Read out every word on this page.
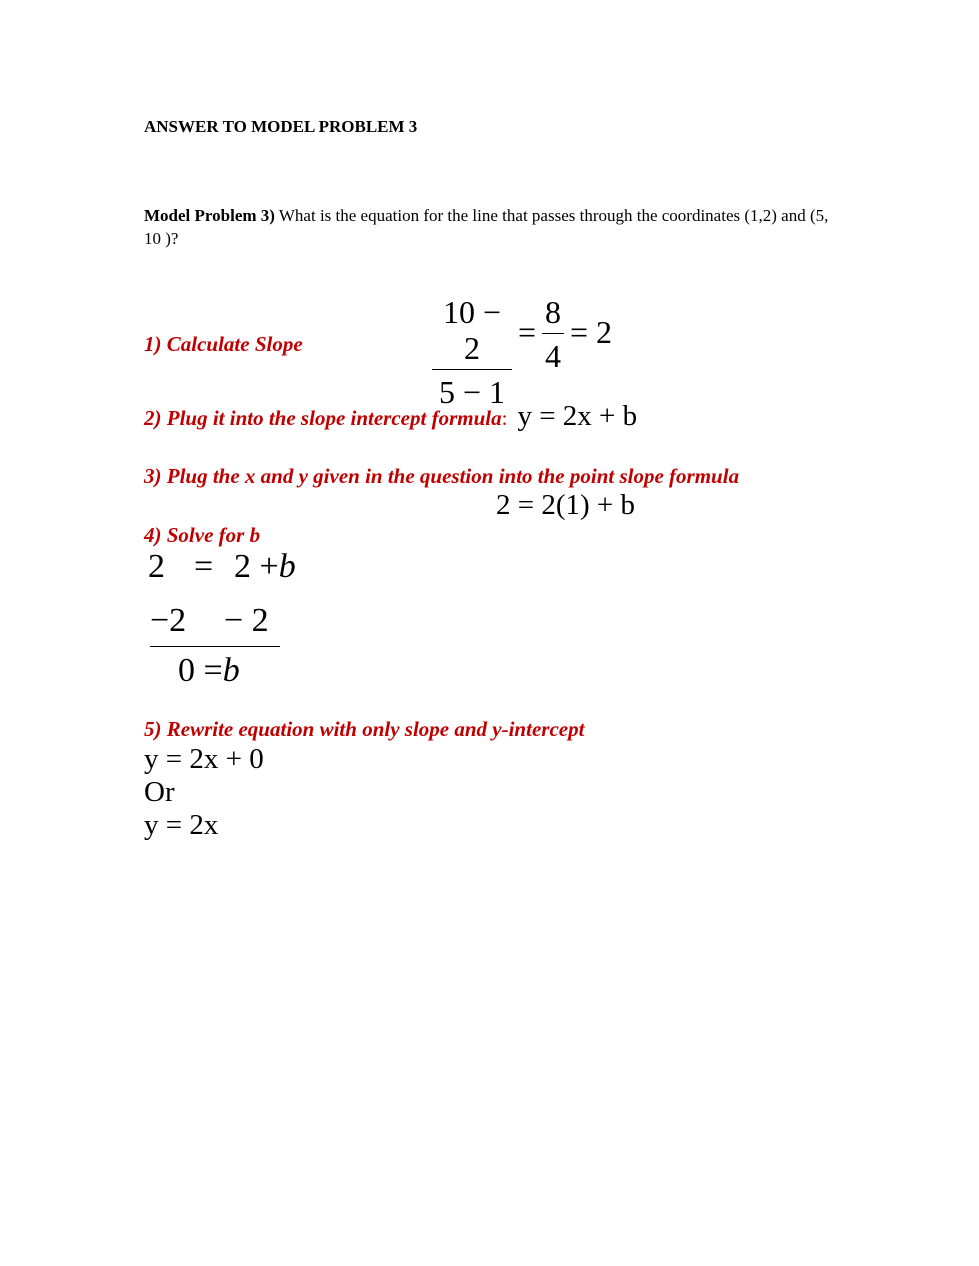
ANSWER TO MODEL PROBLEM 3
Model Problem 3) What is the equation for the line that passes through the coordinates (1,2) and (5, 10 )?
1) Calculate Slope
10 − 2
5 − 1
=
8
4
= 2
2) Plug it into the slope intercept formula: y = 2x + b
3) Plug the x and y given in the question into the point slope formula
2 = 2(1) + b
4) Solve for b
2 = 2 +b
−2 − 2
0 =b
5) Rewrite equation with only slope and y-intercept
y = 2x + 0
Or
y = 2x
